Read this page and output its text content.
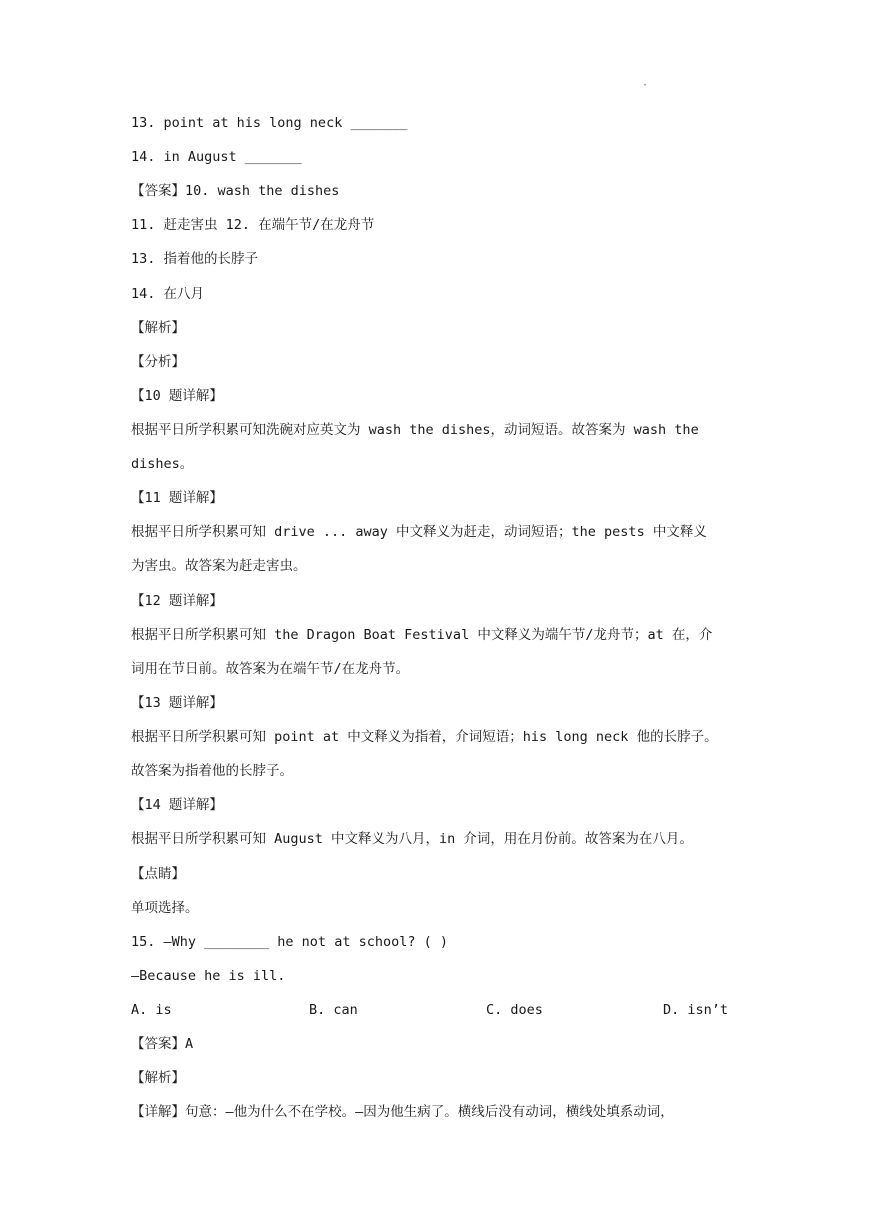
·
13. point at his long neck _______
14. in August _______
【答案】10. wash the dishes
11. 赶走害虫 12. 在端午节/在龙舟节
13. 指着他的长脖子
14. 在八月
【解析】
【分析】
【10 题详解】
根据平日所学积累可知洗碗对应英文为 wash the dishes，动词短语。故答案为 wash the
dishes。
【11 题详解】
根据平日所学积累可知 drive ... away 中文释义为赶走，动词短语；the pests 中文释义
为害虫。故答案为赶走害虫。
【12 题详解】
根据平日所学积累可知 the Dragon Boat Festival 中文释义为端午节/龙舟节；at 在，介
词用在节日前。故答案为在端午节/在龙舟节。
【13 题详解】
根据平日所学积累可知 point at 中文释义为指着，介词短语；his long neck 他的长脖子。
故答案为指着他的长脖子。
【14 题详解】
根据平日所学积累可知 August 中文释义为八月，in 介词，用在月份前。故答案为在八月。
【点睛】
单项选择。
15. —Why ________ he not at school? ( )
—Because he is ill.
A. is	B. can	C. does	D. isn’t
【答案】A
【解析】
【详解】句意：—他为什么不在学校。—因为他生病了。横线后没有动词，横线处填系动词，
